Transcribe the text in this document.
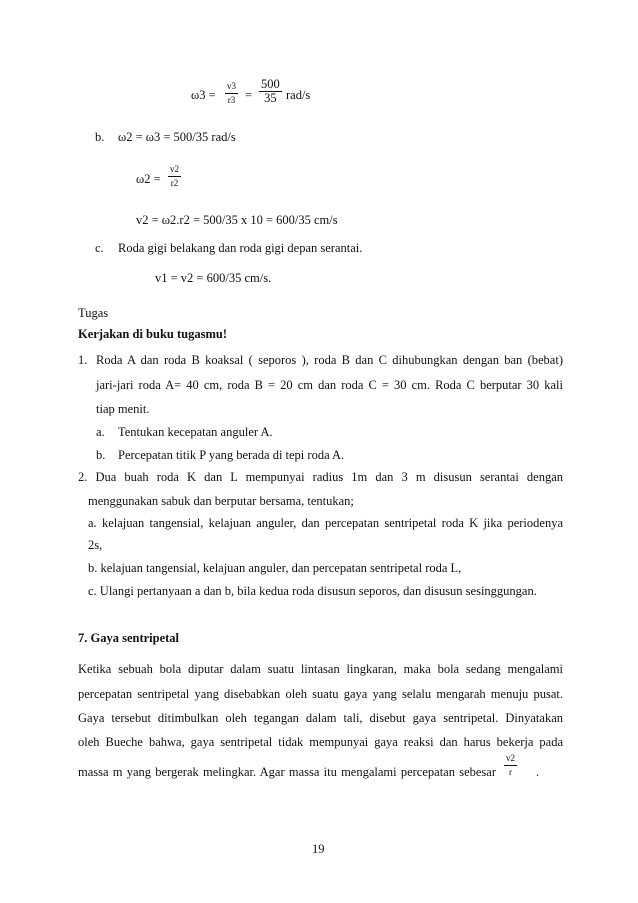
ω3 =
v3
r3 =
500
35 rad/s
b. ω2 = ω3 = 500/35 rad/s
ω2 =
v2
r2
v2 = ω2.r2 = 500/35 x 10 = 600/35 cm/s
c. Roda gigi belakang dan roda gigi depan serantai.
v1 = v2 = 600/35 cm/s.
Tugas
Kerjakan di buku tugasmu!
1. Roda A dan roda B koaksal ( seporos ), roda B dan C dihubungkan dengan ban (bebat)
jari-jari roda A= 40 cm, roda B = 20 cm dan roda C = 30 cm. Roda C berputar 30 kali
tiap menit.
a. Tentukan kecepatan anguler A.
b. Percepatan titik P yang berada di tepi roda A.
2. Dua buah roda K dan L mempunyai radius 1m dan 3 m disusun serantai dengan
menggunakan sabuk dan berputar bersama, tentukan;
a. kelajuan tangensial, kelajuan anguler, dan percepatan sentripetal roda K jika periodenya
2s,
b. kelajuan tangensial, kelajuan anguler, dan percepatan sentripetal roda L,
c. Ulangi pertanyaan a dan b, bila kedua roda disusun seporos, dan disusun sesinggungan.
7. Gaya sentripetal
Ketika sebuah bola diputar dalam suatu lintasan lingkaran, maka bola sedang mengalami
percepatan sentripetal yang disebabkan oleh suatu gaya yang selalu mengarah menuju pusat.
Gaya tersebut ditimbulkan oleh tegangan dalam tali, disebut gaya sentripetal. Dinyatakan
oleh Bueche bahwa, gaya sentripetal tidak mempunyai gaya reaksi dan harus bekerja pada
massa m yang bergerak melingkar. Agar massa itu mengalami percepatan sebesar
v2
r	.
19
